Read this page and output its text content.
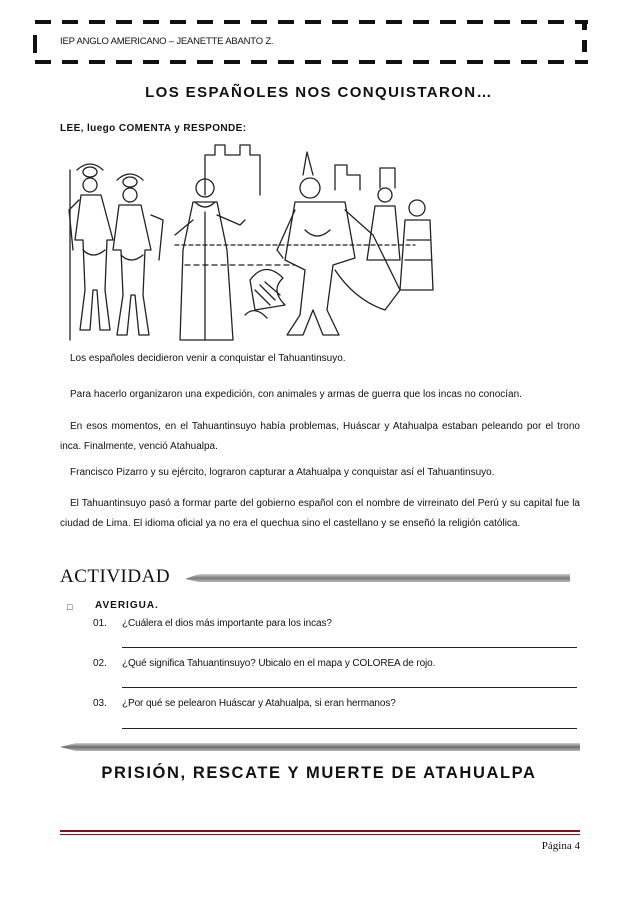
IEP ANGLO AMERICANO – JEANETTE ABANTO Z.
LOS ESPAÑOLES NOS CONQUISTARON…
LEE, luego COMENTA y RESPONDE:
Los españoles decidieron venir a conquistar el Tahuantinsuyo.
Para hacerlo organizaron una expedición, con animales y armas de guerra que los incas no conocían.
En esos momentos, en el Tahuantinsuyo había problemas, Huáscar y Atahualpa estaban peleando por el trono inca. Finalmente, venció Atahualpa.
Francisco Pizarro y su ejército, lograron capturar a Atahualpa y conquistar así el Tahuantinsuyo.
El Tahuantinsuyo pasó a formar parte del gobierno español con el nombre de virreinato del Perú y su capital fue la ciudad de Lima. El idioma oficial ya no era el quechua sino el castellano y se enseñó la religión católica.
ACTIVIDAD
□ AVERIGUA.
01. ¿Cuálera el dios más importante para los incas?
02. ¿Qué significa Tahuantinsuyo? Ubicalo en el mapa y COLOREA de rojo.
03. ¿Por qué se pelearon Huáscar y Atahualpa, si eran hermanos?
PRISIÓN, RESCATE Y MUERTE DE ATAHUALPA
Página 4
